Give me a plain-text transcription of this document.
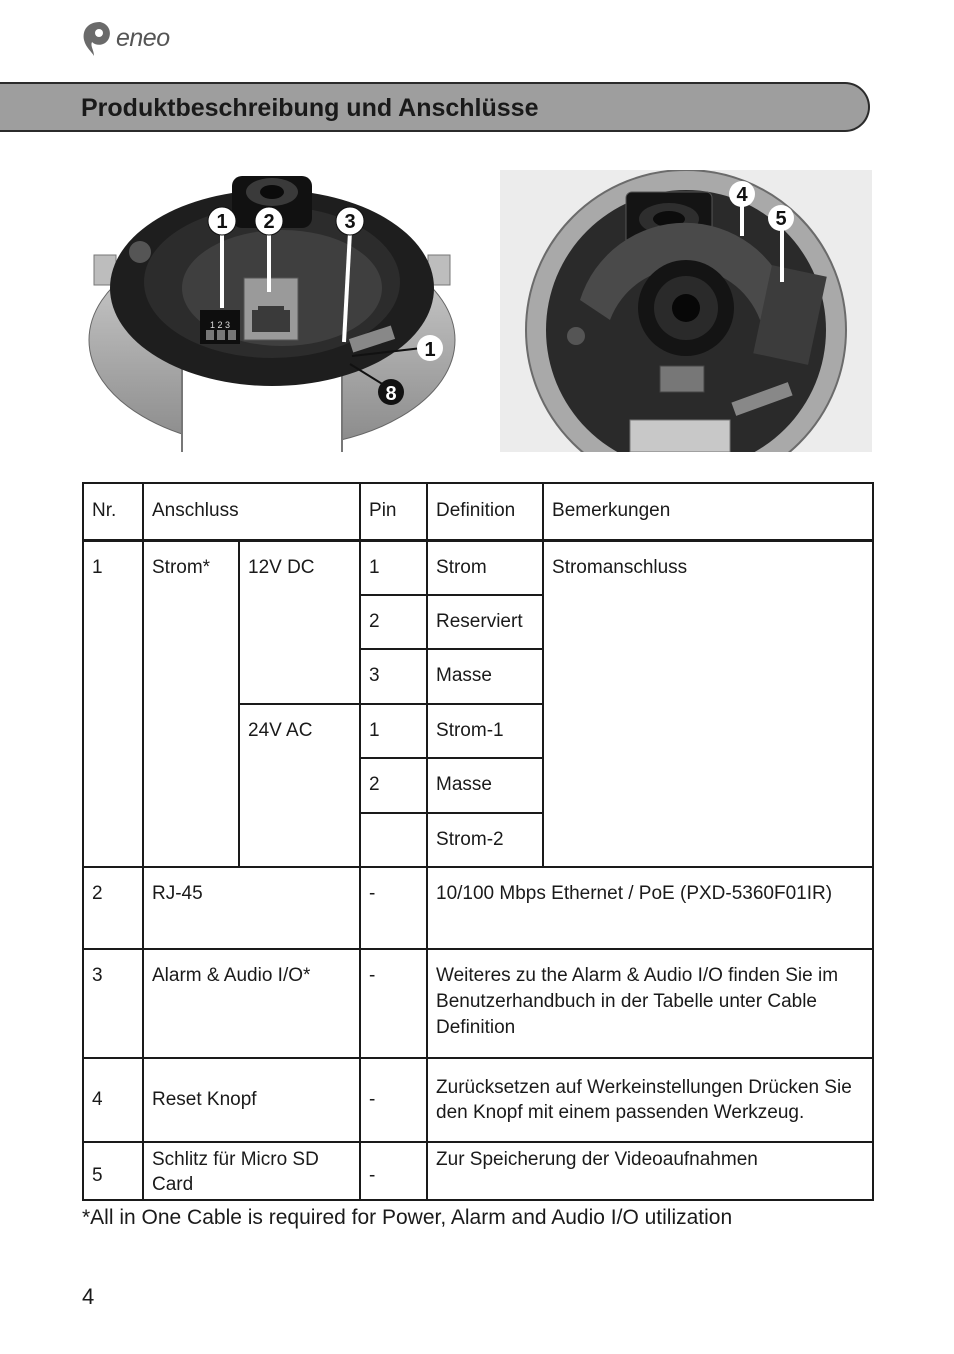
eneo
Produktbeschreibung und Anschlüsse
1 2 3
1 2	3
1
8
4
5
Nr.	Anschluss		Pin	Definition	Bemerkungen
1	Strom*	12V DC	1	Strom	Stromanschluss
			2	Reserviert	
			3	Masse	
		24V AC	1	Strom-1	
			2	Masse	
				Strom-2	
2	RJ-45		-	10/100 Mbps Ethernet / PoE (PXD-5360F01IR)	
3	Alarm & Audio I/O*		-	Weiteres zu the Alarm & Audio I/O finden Sie im Benutzerhandbuch in der Tabelle unter Cable Definition	
4	Reset Knopf		-	Zurücksetzen auf Werkeinstellungen Drücken Sie den Knopf mit einem passenden Werkzeug.	
5	Schlitz für Micro SD Card		-	Zur Speicherung der Videoaufnahmen	
*All in One Cable is required for Power, Alarm and Audio I/O utilization
4
